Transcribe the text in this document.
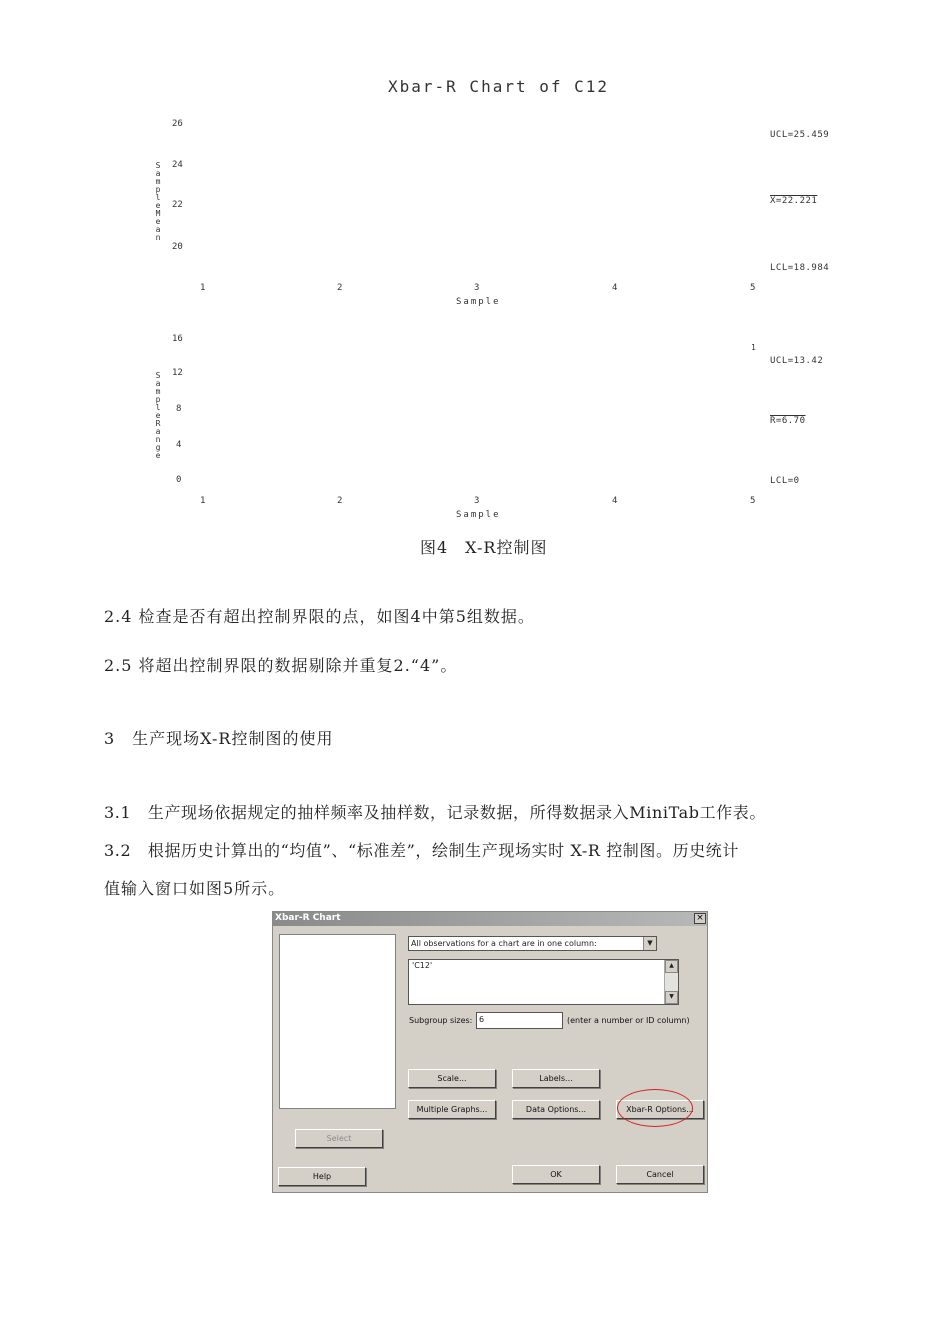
Xbar-R Chart of C12
Sample Mean
26
24
22
20
1	2	3	4	5
Sample
UCL=25.459
X=22.221
LCL=18.984
Sample Range
16
12
8
4
0
1	2	3	4	5
Sample
1
UCL=13.42
R=6.70
LCL=0
图4　X-R控制图
2.4 检查是否有超出控制界限的点，如图4中第5组数据。
2.5 将超出控制界限的数据剔除并重复2.“4”。
3　生产现场X-R控制图的使用
3.1　生产现场依据规定的抽样频率及抽样数，记录数据，所得数据录入MiniTab工作表。
3.2　根据历史计算出的“均值”、“标准差”，绘制生产现场实时 X-R 控制图。历史统计
值输入窗口如图5所示。
Xbar-R Chart	×
All observations for a chart are in one column:	▼
'C12'	▲
▼
Subgroup sizes: 6	(enter a number or ID column)
Scale...	Labels...
Multiple Graphs...	Data Options...	Xbar-R Options...
Select
Help	OK	Cancel
